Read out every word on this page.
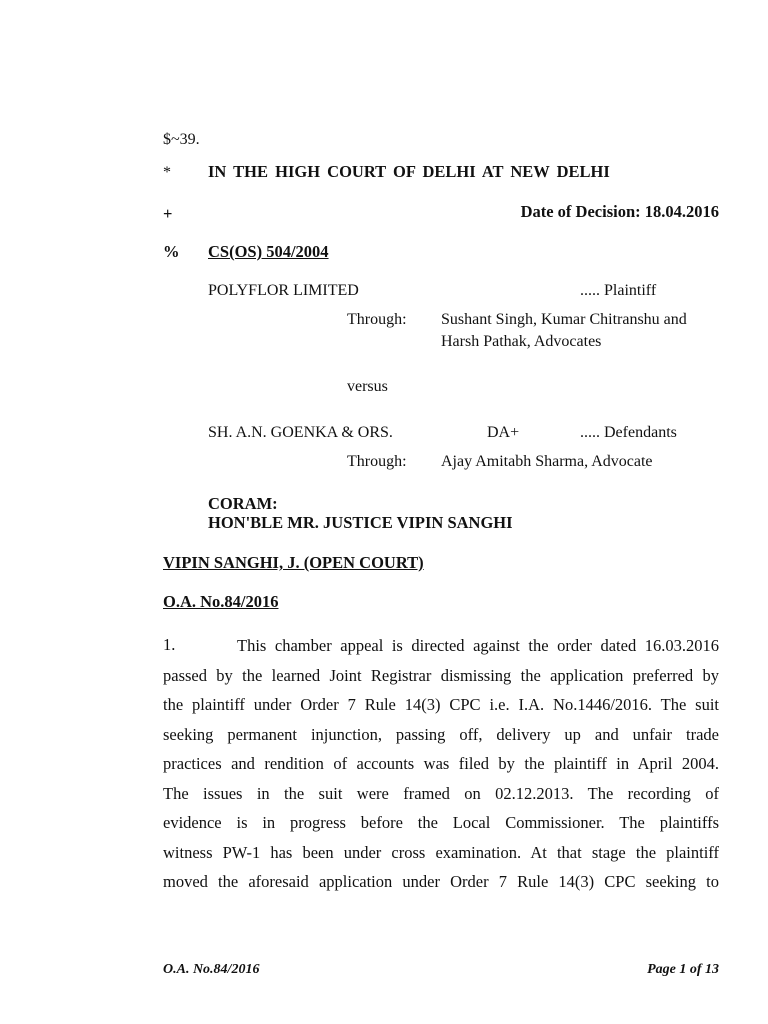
$~39.
* IN THE HIGH COURT OF DELHI AT NEW DELHI
+	Date of Decision: 18.04.2016
% CS(OS) 504/2004
POLYFLOR LIMITED	..... Plaintiff
Through: Sushant Singh, Kumar Chitranshu and
Harsh Pathak, Advocates
versus
SH. A.N. GOENKA & ORS.	DA+	..... Defendants
Through: Ajay Amitabh Sharma, Advocate
CORAM:
HON'BLE MR. JUSTICE VIPIN SANGHI
VIPIN SANGHI, J. (OPEN COURT)
O.A. No.84/2016
1.	This chamber appeal is directed against the order dated 16.03.2016
passed by the learned Joint Registrar dismissing the application preferred by
the plaintiff under Order 7 Rule 14(3) CPC i.e. I.A. No.1446/2016. The suit
seeking permanent injunction, passing off, delivery up and unfair trade
practices and rendition of accounts was filed by the plaintiff in April 2004.
The issues in the suit were framed on 02.12.2013. The recording of
evidence is in progress before the Local Commissioner. The plaintiffs
witness PW-1 has been under cross examination. At that stage the plaintiff
moved the aforesaid application under Order 7 Rule 14(3) CPC seeking to
O.A. No.84/2016	Page 1 of 13
